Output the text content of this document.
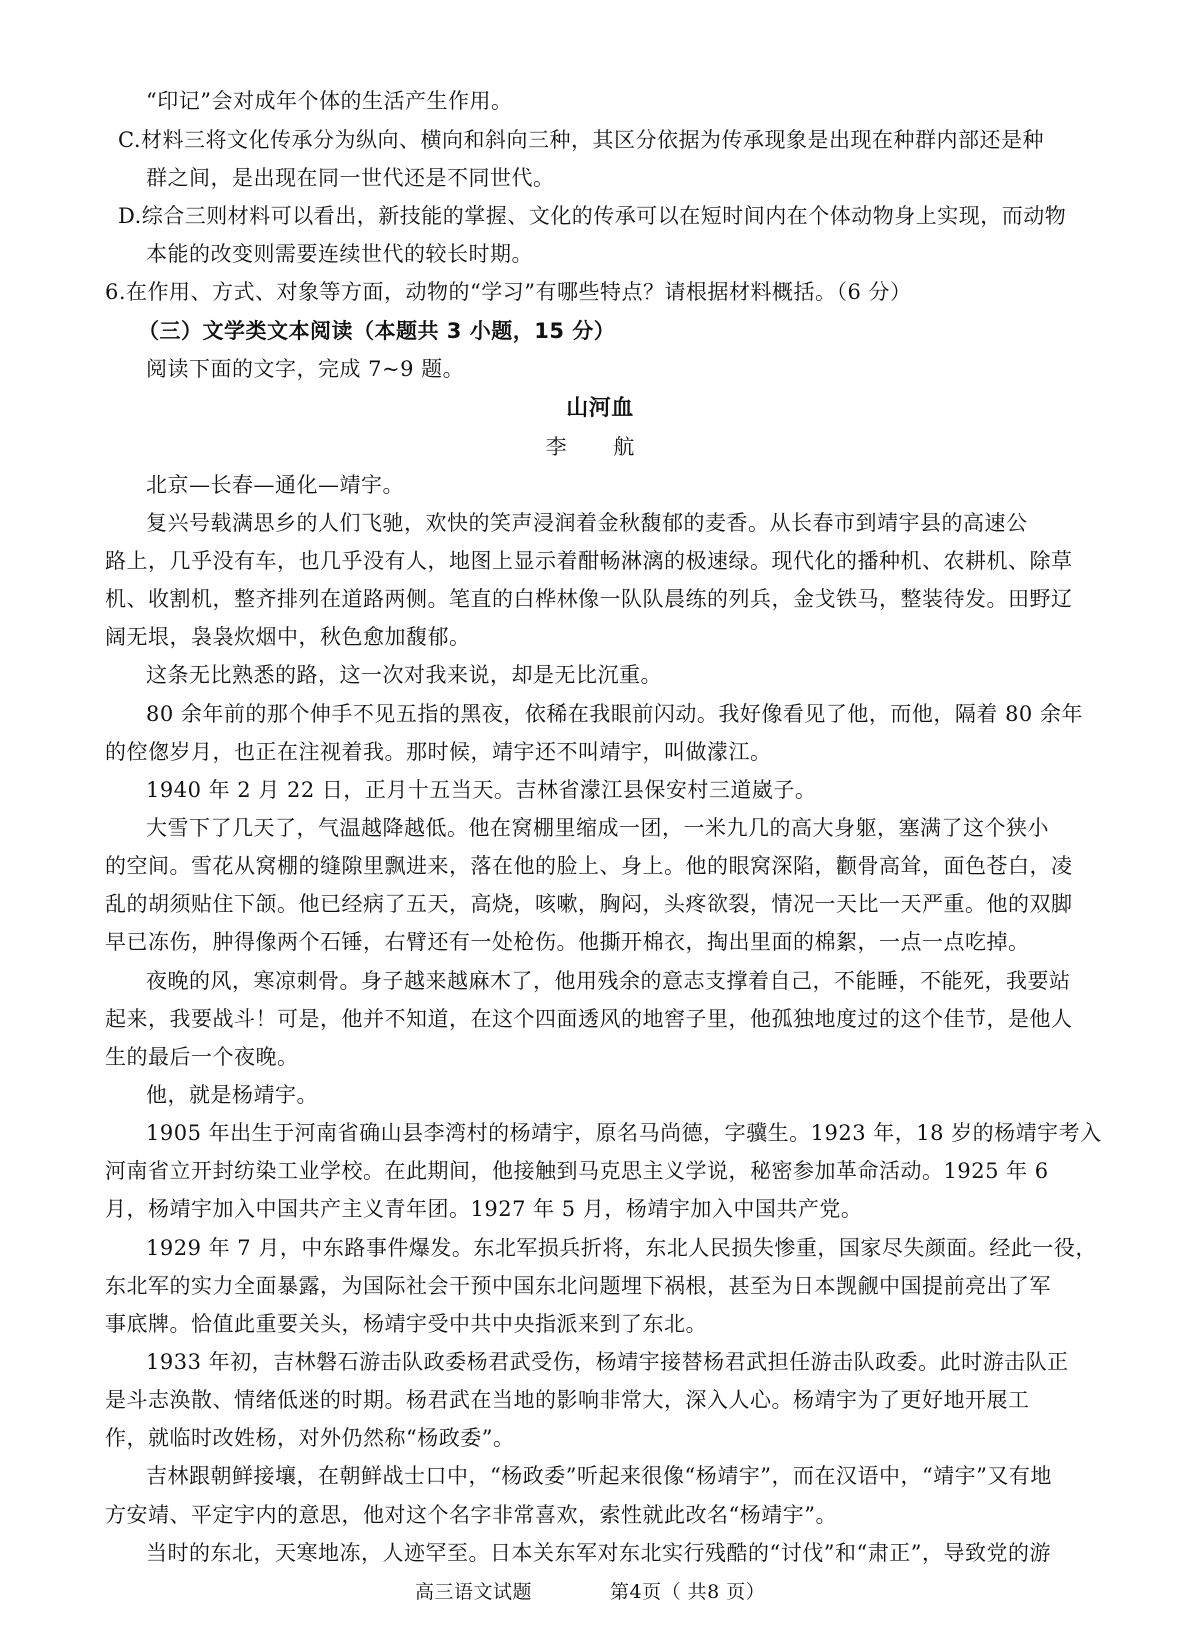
“印记”会对成年个体的生活产生作用。
C.材料三将文化传承分为纵向、横向和斜向三种，其区分依据为传承现象是出现在种群内部还是种
群之间，是出现在同一世代还是不同世代。
D.综合三则材料可以看出，新技能的掌握、文化的传承可以在短时间内在个体动物身上实现，而动物
本能的改变则需要连续世代的较长时期。
6.在作用、方式、对象等方面，动物的“学习”有哪些特点？请根据材料概括。（6 分）
（三）文学类文本阅读（本题共 3 小题，15 分）
阅读下面的文字，完成 7~9 题。
山河血
李 航
北京—长春—通化—靖宇。
复兴号载满思乡的人们飞驰，欢快的笑声浸润着金秋馥郁的麦香。从长春市到靖宇县的高速公
路上，几乎没有车，也几乎没有人，地图上显示着酣畅淋漓的极速绿。现代化的播种机、农耕机、除草
机、收割机，整齐排列在道路两侧。笔直的白桦林像一队队晨练的列兵，金戈铁马，整装待发。田野辽
阔无垠，袅袅炊烟中，秋色愈加馥郁。
这条无比熟悉的路，这一次对我来说，却是无比沉重。
80 余年前的那个伸手不见五指的黑夜，依稀在我眼前闪动。我好像看见了他，而他，隔着 80 余年
的倥偬岁月，也正在注视着我。那时候，靖宇还不叫靖宇，叫做濛江。
1940 年 2 月 22 日，正月十五当天。吉林省濛江县保安村三道崴子。
大雪下了几天了，气温越降越低。他在窝棚里缩成一团，一米九几的高大身躯，塞满了这个狭小
的空间。雪花从窝棚的缝隙里飘进来，落在他的脸上、身上。他的眼窝深陷，颧骨高耸，面色苍白，凌
乱的胡须贴住下颌。他已经病了五天，高烧，咳嗽，胸闷，头疼欲裂，情况一天比一天严重。他的双脚
早已冻伤，肿得像两个石锤，右臂还有一处枪伤。他撕开棉衣，掏出里面的棉絮，一点一点吃掉。
夜晚的风，寒凉刺骨。身子越来越麻木了，他用残余的意志支撑着自己，不能睡，不能死，我要站
起来，我要战斗！可是，他并不知道，在这个四面透风的地窖子里，他孤独地度过的这个佳节，是他人
生的最后一个夜晚。
他，就是杨靖宇。
1905 年出生于河南省确山县李湾村的杨靖宇，原名马尚德，字骥生。1923 年，18 岁的杨靖宇考入
河南省立开封纺染工业学校。在此期间，他接触到马克思主义学说，秘密参加革命活动。1925 年 6
月，杨靖宇加入中国共产主义青年团。1927 年 5 月，杨靖宇加入中国共产党。
1929 年 7 月，中东路事件爆发。东北军损兵折将，东北人民损失惨重，国家尽失颜面。经此一役，
东北军的实力全面暴露，为国际社会干预中国东北问题埋下祸根，甚至为日本觊觎中国提前亮出了军
事底牌。恰值此重要关头，杨靖宇受中共中央指派来到了东北。
1933 年初，吉林磐石游击队政委杨君武受伤，杨靖宇接替杨君武担任游击队政委。此时游击队正
是斗志涣散、情绪低迷的时期。杨君武在当地的影响非常大，深入人心。杨靖宇为了更好地开展工
作，就临时改姓杨，对外仍然称“杨政委”。
吉林跟朝鲜接壤，在朝鲜战士口中，“杨政委”听起来很像“杨靖宇”，而在汉语中，“靖宇”又有地
方安靖、平定宇内的意思，他对这个名字非常喜欢，索性就此改名“杨靖宇”。
当时的东北，天寒地冻，人迹罕至。日本关东军对东北实行残酷的“讨伐”和“肃正”，导致党的游
高三语文试题	第4页（ 共8 页）
